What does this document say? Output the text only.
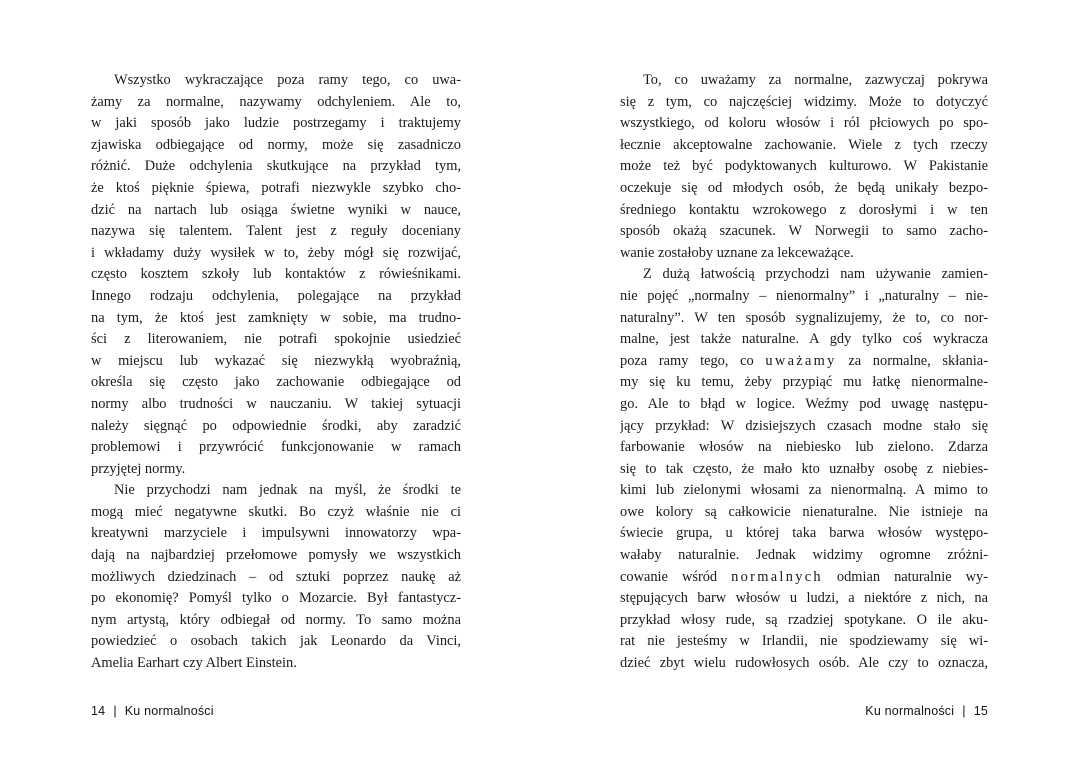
Wszystko wykraczające poza ramy tego, co uwa-
żamy za normalne, nazywamy odchyleniem. Ale to,
w jaki sposób jako ludzie postrzegamy i traktujemy
zjawiska odbiegające od normy, może się zasadniczo
różnić. Duże odchylenia skutkujące na przykład tym,
że ktoś pięknie śpiewa, potrafi niezwykle szybko cho-
dzić na nartach lub osiąga świetne wyniki w nauce,
nazywa się talentem. Talent jest z reguły doceniany
i wkładamy duży wysiłek w to, żeby mógł się rozwijać,
często kosztem szkoły lub kontaktów z rówieśnikami.
Innego rodzaju odchylenia, polegające na przykład
na tym, że ktoś jest zamknięty w sobie, ma trudno-
ści z literowaniem, nie potrafi spokojnie usiedzieć
w miejscu lub wykazać się niezwykłą wyobraźnią,
określa się często jako zachowanie odbiegające od
normy albo trudności w nauczaniu. W takiej sytuacji
należy sięgnąć po odpowiednie środki, aby zaradzić
problemowi i przywrócić funkcjonowanie w ramach
przyjętej normy.
Nie przychodzi nam jednak na myśl, że środki te
mogą mieć negatywne skutki. Bo czyż właśnie nie ci
kreatywni marzyciele i impulsywni innowatorzy wpa-
dają na najbardziej przełomowe pomysły we wszystkich
możliwych dziedzinach – od sztuki poprzez naukę aż
po ekonomię? Pomyśl tylko o Mozarcie. Był fantastycz-
nym artystą, który odbiegał od normy. To samo można
powiedzieć o osobach takich jak Leonardo da Vinci,
Amelia Earhart czy Albert Einstein.
To, co uważamy za normalne, zazwyczaj pokrywa
się z tym, co najczęściej widzimy. Może to dotyczyć
wszystkiego, od koloru włosów i ról płciowych po spo-
łecznie akceptowalne zachowanie. Wiele z tych rzeczy
może też być podyktowanych kulturowo. W Pakistanie
oczekuje się od młodych osób, że będą unikały bezpo-
średniego kontaktu wzrokowego z dorosłymi i w ten
sposób okażą szacunek. W Norwegii to samo zacho-
wanie zostałoby uznane za lekceważące.
Z dużą łatwością przychodzi nam używanie zamien-
nie pojęć „normalny – nienormalny” i „naturalny – nie-
naturalny”. W ten sposób sygnalizujemy, że to, co nor-
malne, jest także naturalne. A gdy tylko coś wykracza
poza ramy tego, co uważamy za normalne, skłania-
my się ku temu, żeby przypiąć mu łatkę nienormalne-
go. Ale to błąd w logice. Weźmy pod uwagę następu-
jący przykład: W dzisiejszych czasach modne stało się
farbowanie włosów na niebiesko lub zielono. Zdarza
się to tak często, że mało kto uznałby osobę z niebies-
kimi lub zielonymi włosami za nienormalną. A mimo to
owe kolory są całkowicie nienaturalne. Nie istnieje na
świecie grupa, u której taka barwa włosów występo-
wałaby naturalnie. Jednak widzimy ogromne zróżni-
cowanie wśród normalnych odmian naturalnie wy-
stępujących barw włosów u ludzi, a niektóre z nich, na
przykład włosy rude, są rzadziej spotykane. O ile aku-
rat nie jesteśmy w Irlandii, nie spodziewamy się wi-
dzieć zbyt wielu rudowłosych osób. Ale czy to oznacza,
14 | Ku normalności	Ku normalności | 15
